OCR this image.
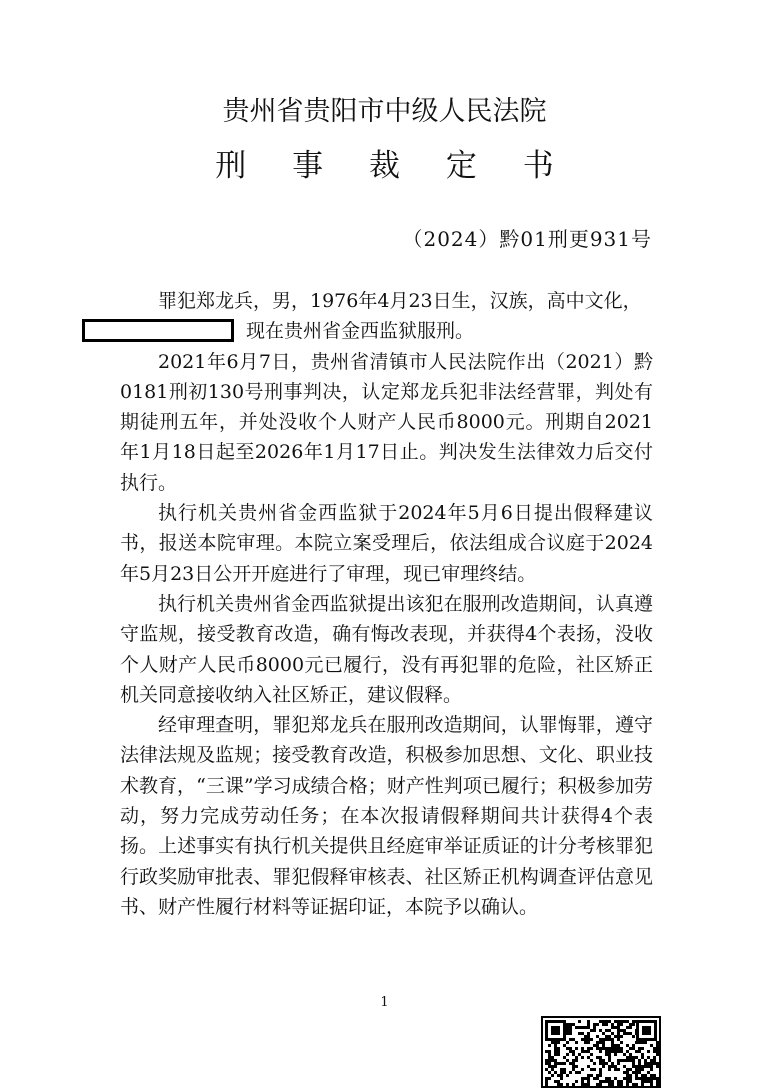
贵州省贵阳市中级人民法院
刑 事 裁 定 书
（2024）黔01刑更931号

罪犯郑龙兵，男，1976年4月23日生，汉族，高中文化，
现在贵州省金西监狱服刑。

2021年6月7日，贵州省清镇市人民法院作出（2021）黔0181刑初130号刑事判决，认定郑龙兵犯非法经营罪，判处有期徒刑五年，并处没收个人财产人民币8000元。刑期自2021年1月18日起至2026年1月17日止。判决发生法律效力后交付执行。

执行机关贵州省金西监狱于2024年5月6日提出假释建议书，报送本院审理。本院立案受理后，依法组成合议庭于2024年5月23日公开开庭进行了审理，现已审理终结。

执行机关贵州省金西监狱提出该犯在服刑改造期间，认真遵守监规，接受教育改造，确有悔改表现，并获得4个表扬，没收个人财产人民币8000元已履行，没有再犯罪的危险，社区矫正机关同意接收纳入社区矫正，建议假释。

经审理查明，罪犯郑龙兵在服刑改造期间，认罪悔罪，遵守法律法规及监规；接受教育改造，积极参加思想、文化、职业技术教育，“三课”学习成绩合格；财产性判项已履行；积极参加劳动，努力完成劳动任务；在本次报请假释期间共计获得4个表扬。上述事实有执行机关提供且经庭审举证质证的计分考核罪犯行政奖励审批表、罪犯假释审核表、社区矫正机构调查评估意见书、财产性履行材料等证据印证，本院予以确认。

1
